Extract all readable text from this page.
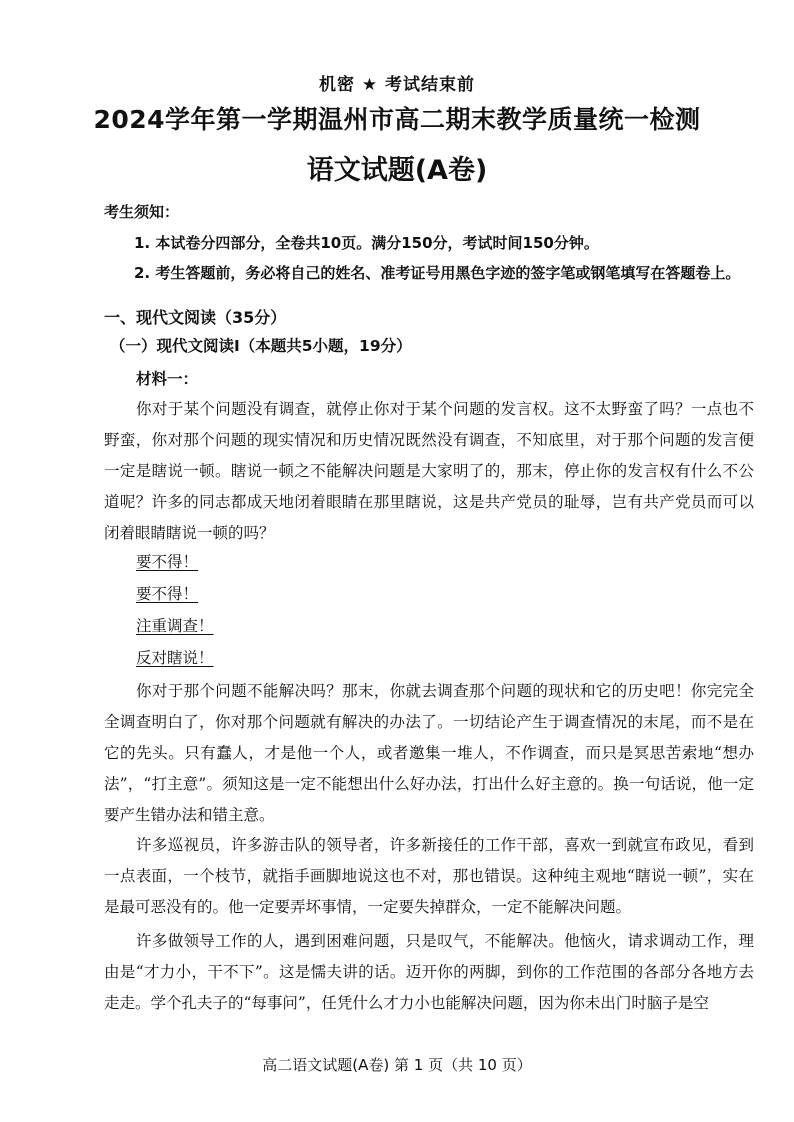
机密 ★ 考试结束前
2024学年第一学期温州市高二期末教学质量统一检测
语文试题(A卷)
考生须知：
1. 本试卷分四部分，全卷共10页。满分150分，考试时间150分钟。
2. 考生答题前，务必将自己的姓名、准考证号用黑色字迹的签字笔或钢笔填写在答题卷上。
一、现代文阅读（35分）
（一）现代文阅读Ⅰ（本题共5小题，19分）
材料一：
你对于某个问题没有调查，就停止你对于某个问题的发言权。这不太野蛮了吗？一点也不野蛮，你对那个问题的现实情况和历史情况既然没有调查，不知底里，对于那个问题的发言便一定是瞎说一顿。瞎说一顿之不能解决问题是大家明了的，那末，停止你的发言权有什么不公道呢？许多的同志都成天地闭着眼睛在那里瞎说，这是共产党员的耻辱，岂有共产党员而可以闭着眼睛瞎说一顿的吗？
要不得！
要不得！
注重调查！
反对瞎说！
你对于那个问题不能解决吗？那末，你就去调查那个问题的现状和它的历史吧！你完完全全调查明白了，你对那个问题就有解决的办法了。一切结论产生于调查情况的末尾，而不是在它的先头。只有蠢人，才是他一个人，或者邀集一堆人，不作调查，而只是冥思苦索地“想办法”，“打主意”。须知这是一定不能想出什么好办法，打出什么好主意的。换一句话说，他一定要产生错办法和错主意。
许多巡视员，许多游击队的领导者，许多新接任的工作干部，喜欢一到就宣布政见，看到一点表面，一个枝节，就指手画脚地说这也不对，那也错误。这种纯主观地“瞎说一顿”，实在是最可恶没有的。他一定要弄坏事情，一定要失掉群众，一定不能解决问题。
许多做领导工作的人，遇到困难问题，只是叹气，不能解决。他恼火，请求调动工作，理由是“才力小，干不下”。这是懦夫讲的话。迈开你的两脚，到你的工作范围的各部分各地方去走走。学个孔夫子的“每事问”，任凭什么才力小也能解决问题，因为你未出门时脑子是空
高二语文试题(A卷) 第 1 页（共 10 页）
